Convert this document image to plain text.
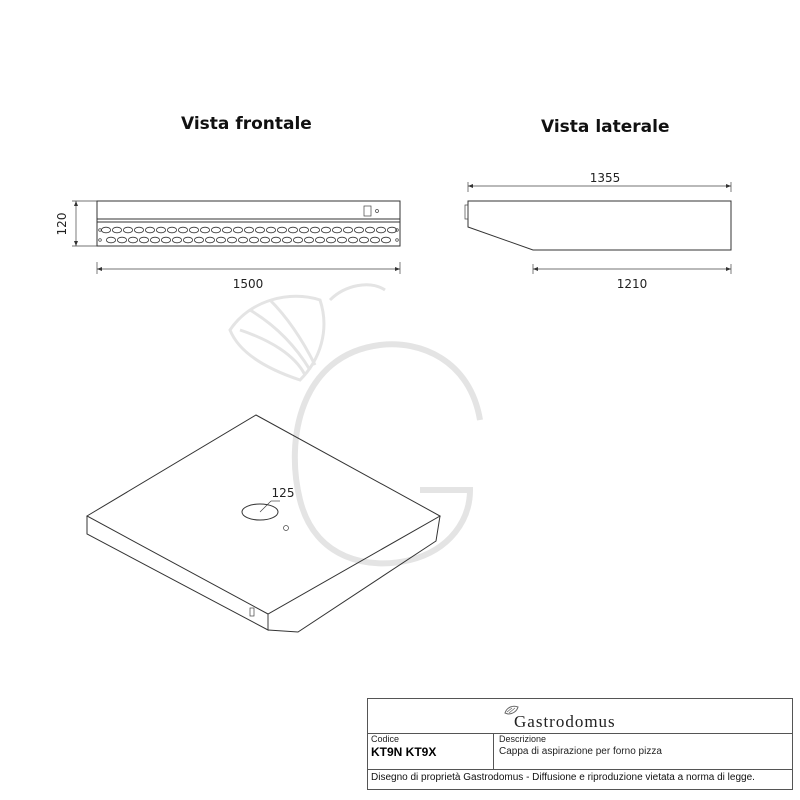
120
1500
1355
1210
125
Vista frontale	Vista laterale
Gastrodomus
Codice
KT9N KT9X
Descrizione
Cappa di aspirazione per forno pizza
Disegno di proprietà Gastrodomus - Diffusione e riproduzione vietata a norma di legge.
